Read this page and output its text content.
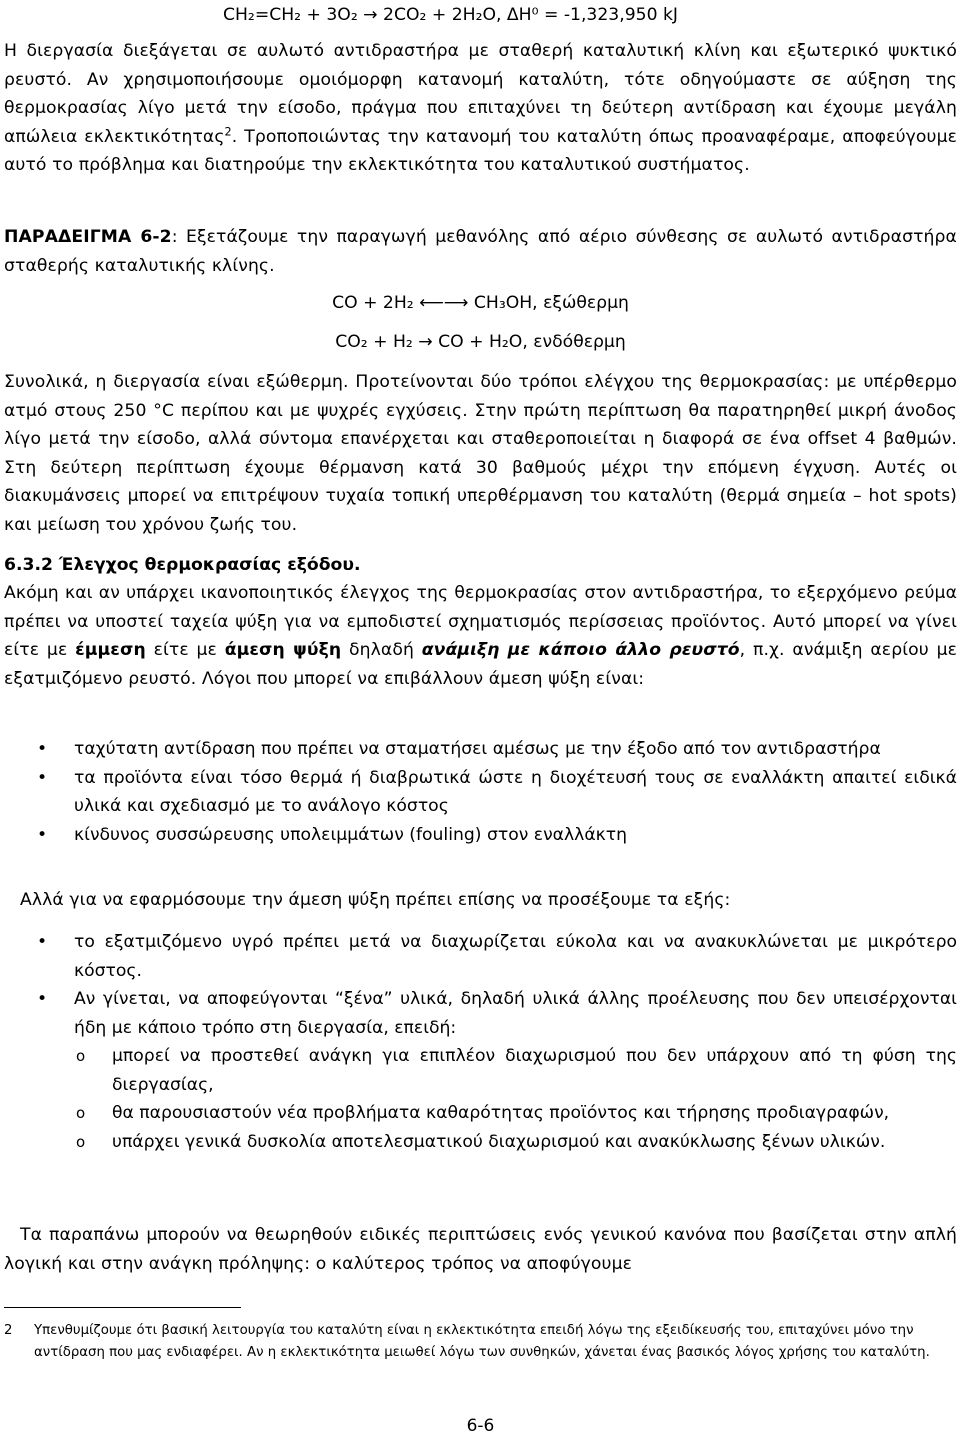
CH₂=CH₂ + 3O₂ → 2CO₂ + 2H₂O, ΔH⁰ = -1,323,950 kJ

Η διεργασία διεξάγεται σε αυλωτό αντιδραστήρα με σταθερή καταλυτική κλίνη και εξωτερικό ψυκτικό ρευστό. Αν χρησιμοποιήσουμε ομοιόμορφη κατανομή καταλύτη, τότε οδηγούμαστε σε αύξηση της θερμοκρασίας λίγο μετά την είσοδο, πράγμα που επιταχύνει τη δεύτερη αντίδραση και έχουμε μεγάλη απώλεια εκλεκτικότητας$^2$. Τροποποιώντας την κατανομή του καταλύτη όπως προαναφέραμε, αποφεύγουμε αυτό το πρόβλημα και διατηρούμε την εκλεκτικότητα του καταλυτικού συστήματος.

ΠΑΡΑΔΕΙΓΜΑ 6-2: Εξετάζουμε την παραγωγή μεθανόλης από αέριο σύνθεσης σε αυλωτό αντιδραστήρα σταθερής καταλυτικής κλίνης.

CO + 2H₂ ⟵⟶ CH₃OH, εξώθερμη

CO₂ + H₂ → CO + H₂O, ενδόθερμη

Συνολικά, η διεργασία είναι εξώθερμη. Προτείνονται δύο τρόποι ελέγχου της θερμοκρασίας: με υπέρθερμο ατμό στους 250 °C περίπου και με ψυχρές εγχύσεις. Στην πρώτη περίπτωση θα παρατηρηθεί μικρή άνοδος λίγο μετά την είσοδο, αλλά σύντομα επανέρχεται και σταθεροποιείται η διαφορά σε ένα offset 4 βαθμών. Στη δεύτερη περίπτωση έχουμε θέρμανση κατά 30 βαθμούς μέχρι την επόμενη έγχυση. Αυτές οι διακυμάνσεις μπορεί να επιτρέψουν τυχαία τοπική υπερθέρμανση του καταλύτη (θερμά σημεία – hot spots) και μείωση του χρόνου ζωής του.

6.3.2 Έλεγχος θερμοκρασίας εξόδου.

Ακόμη και αν υπάρχει ικανοποιητικός έλεγχος της θερμοκρασίας στον αντιδραστήρα, το εξερχόμενο ρεύμα πρέπει να υποστεί ταχεία ψύξη για να εμποδιστεί σχηματισμός περίσσειας προϊόντος. Αυτό μπορεί να γίνει είτε με έμμεση είτε με άμεση ψύξη δηλαδή ανάμιξη με κάποιο άλλο ρευστό, π.χ. ανάμιξη αερίου με εξατμιζόμενο ρευστό. Λόγοι που μπορεί να επιβάλλουν άμεση ψύξη είναι:

• ταχύτατη αντίδραση που πρέπει να σταματήσει αμέσως με την έξοδο από τον αντιδραστήρα
• τα προϊόντα είναι τόσο θερμά ή διαβρωτικά ώστε η διοχέτευσή τους σε εναλλάκτη απαιτεί ειδικά υλικά και σχεδιασμό με το ανάλογο κόστος
• κίνδυνος συσσώρευσης υπολειμμάτων (fouling) στον εναλλάκτη

Αλλά για να εφαρμόσουμε την άμεση ψύξη πρέπει επίσης να προσέξουμε τα εξής:

• το εξατμιζόμενο υγρό πρέπει μετά να διαχωρίζεται εύκολα και να ανακυκλώνεται με μικρότερο κόστος.
• Αν γίνεται, να αποφεύγονται “ξένα” υλικά, δηλαδή υλικά άλλης προέλευσης που δεν υπεισέρχονται ήδη με κάποιο τρόπο στη διεργασία, επειδή:
o μπορεί να προστεθεί ανάγκη για επιπλέον διαχωρισμού που δεν υπάρχουν από τη φύση της διεργασίας,
o θα παρουσιαστούν νέα προβλήματα καθαρότητας προϊόντος και τήρησης προδιαγραφών,
o υπάρχει γενικά δυσκολία αποτελεσματικού διαχωρισμού και ανακύκλωσης ξένων υλικών.

Τα παραπάνω μπορούν να θεωρηθούν ειδικές περιπτώσεις ενός γενικού κανόνα που βασίζεται στην απλή λογική και στην ανάγκη πρόληψης: ο καλύτερος τρόπος να αποφύγουμε

2	Υπενθυμίζουμε ότι βασική λειτουργία του καταλύτη είναι η εκλεκτικότητα επειδή λόγω της εξειδίκευσής του, επιταχύνει μόνο την αντίδραση που μας ενδιαφέρει. Αν η εκλεκτικότητα μειωθεί λόγω των συνθηκών, χάνεται ένας βασικός λόγος χρήσης του καταλύτη.
6-6
